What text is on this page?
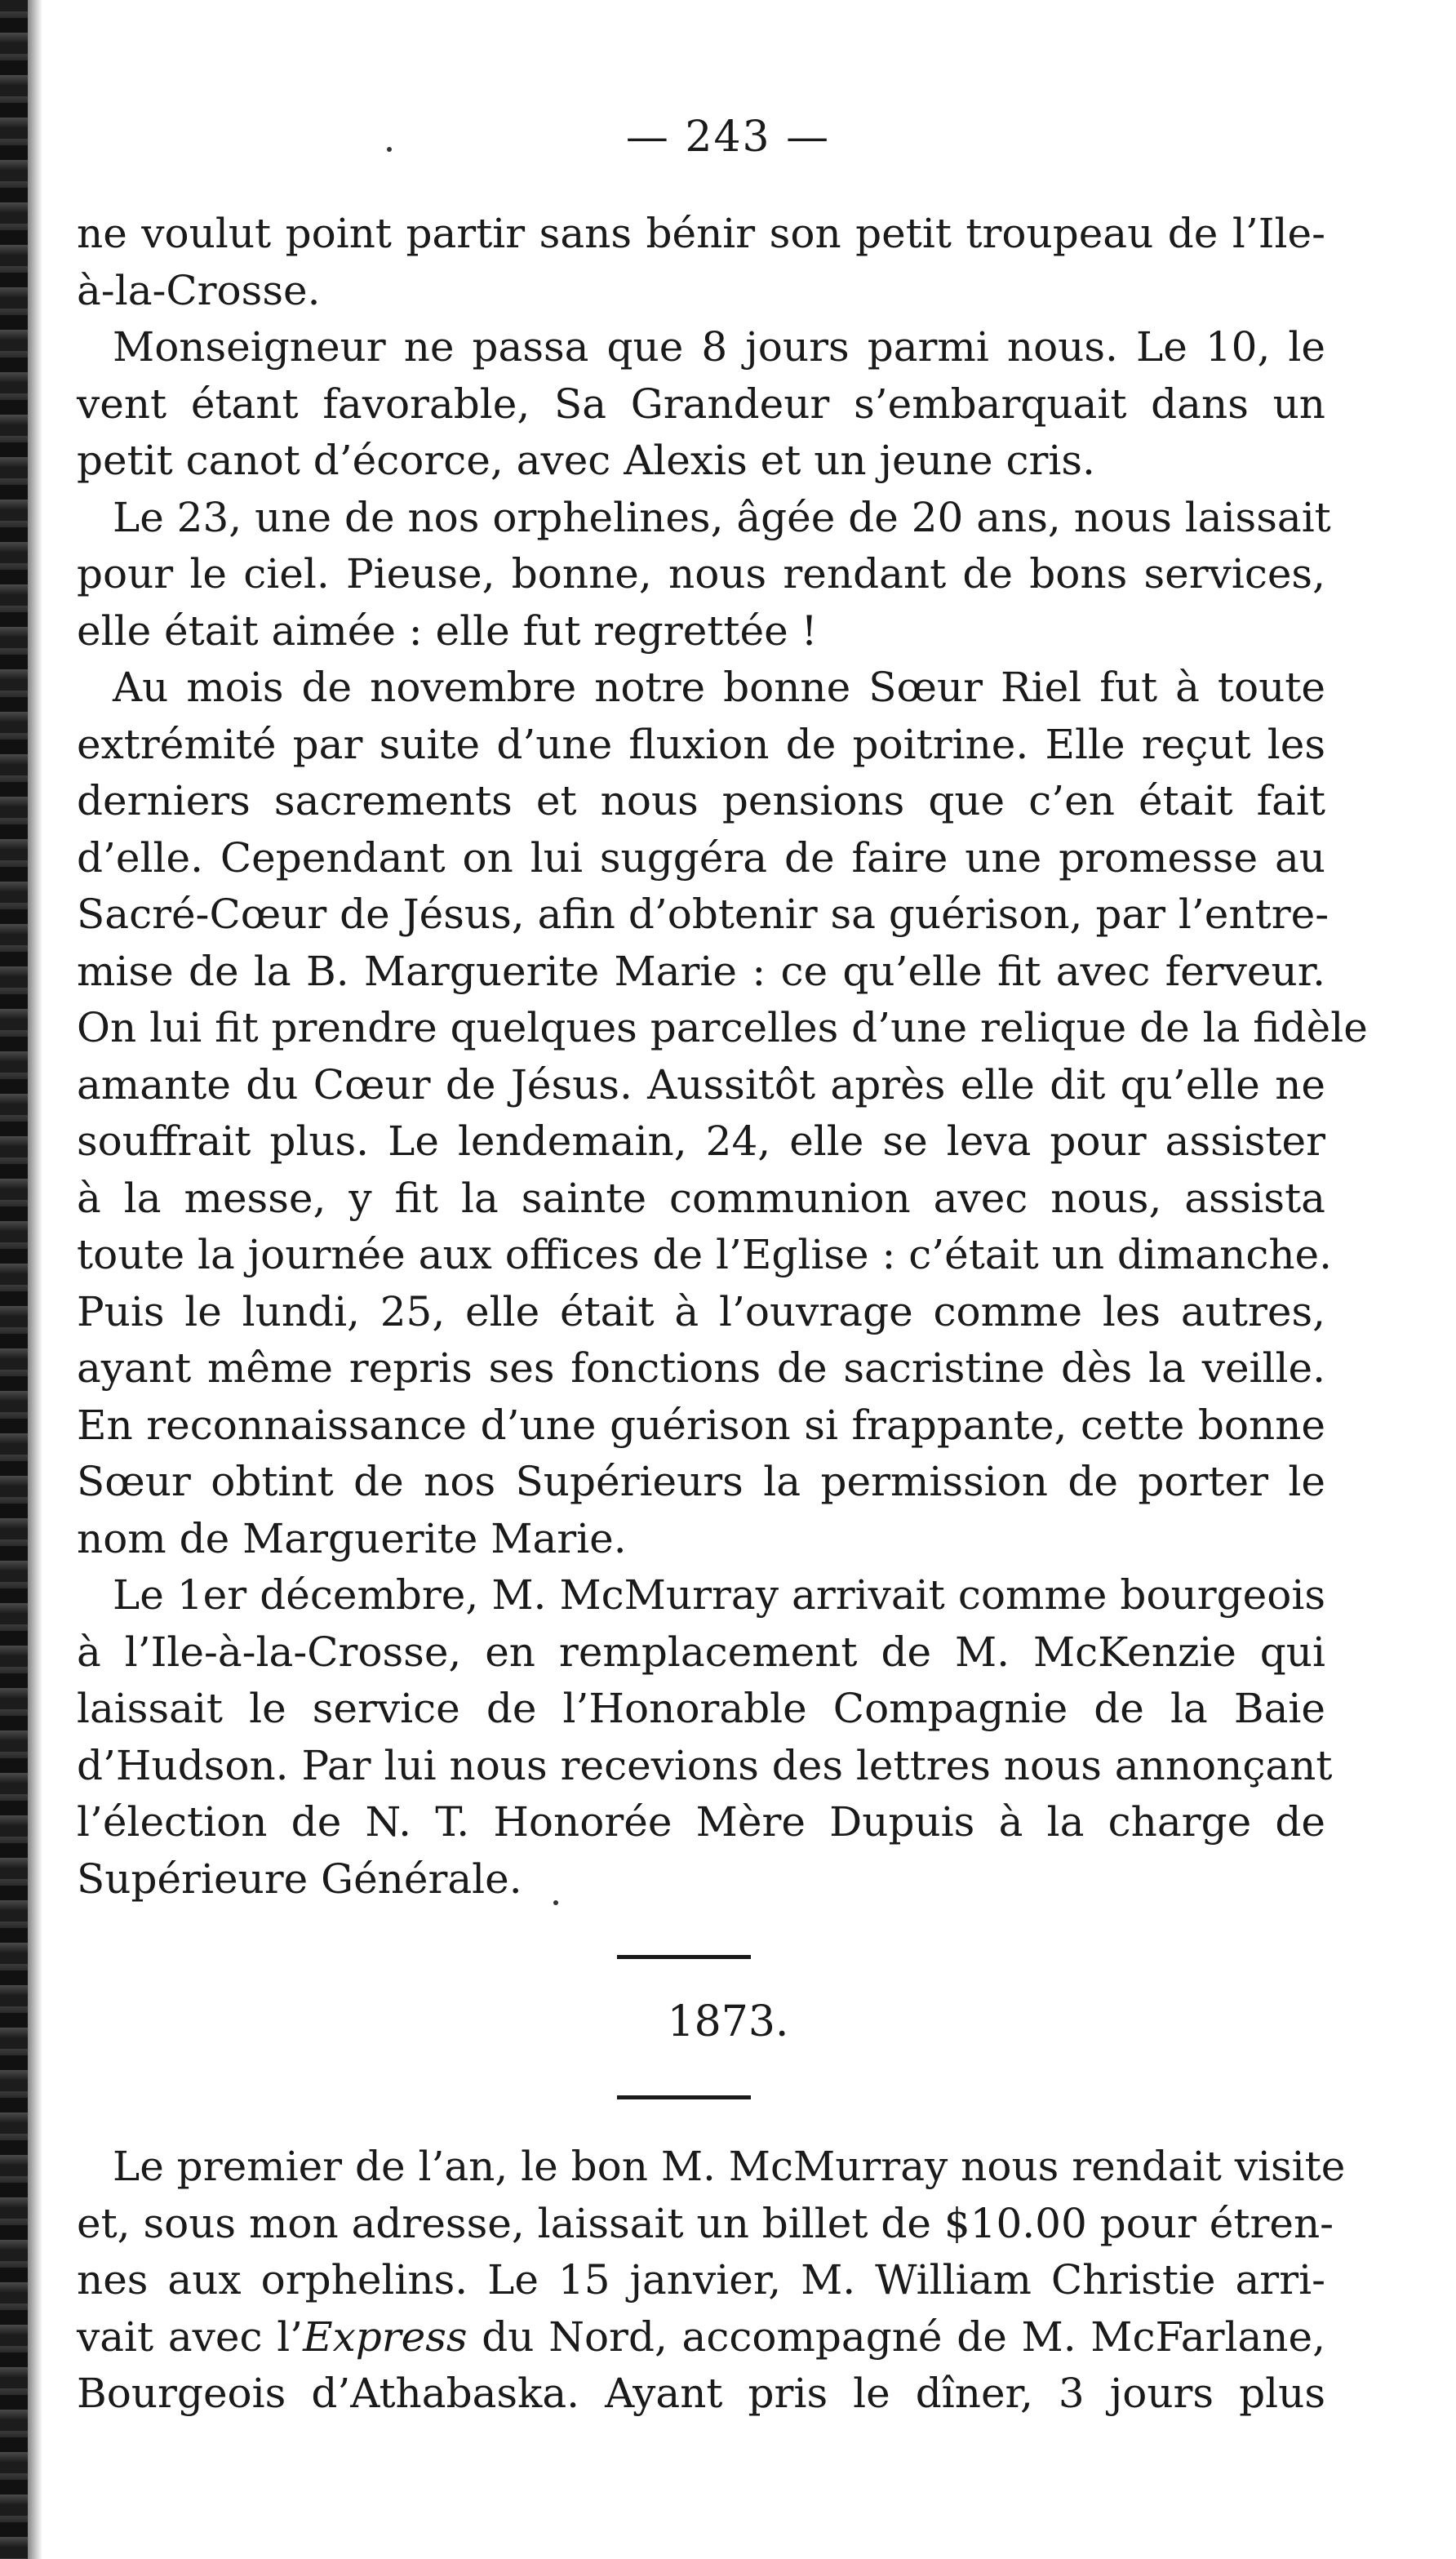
— 243 —
ne voulut point partir sans bénir son petit troupeau de l’Ile-
à-la-Crosse.
Monseigneur ne passa que 8 jours parmi nous. Le 10, le
vent étant favorable, Sa Grandeur s’embarquait dans un
petit canot d’écorce, avec Alexis et un jeune cris.
Le 23, une de nos orphelines, âgée de 20 ans, nous laissait
pour le ciel. Pieuse, bonne, nous rendant de bons services,
elle était aimée : elle fut regrettée !
Au mois de novembre notre bonne Sœur Riel fut à toute
extrémité par suite d’une fluxion de poitrine. Elle reçut les
derniers sacrements et nous pensions que c’en était fait
d’elle. Cependant on lui suggéra de faire une promesse au
Sacré-Cœur de Jésus, afin d’obtenir sa guérison, par l’entre-
mise de la B. Marguerite Marie : ce qu’elle fit avec ferveur.
On lui fit prendre quelques parcelles d’une relique de la fidèle
amante du Cœur de Jésus. Aussitôt après elle dit qu’elle ne
souffrait plus. Le lendemain, 24, elle se leva pour assister
à la messe, y fit la sainte communion avec nous, assista
toute la journée aux offices de l’Eglise : c’était un dimanche.
Puis le lundi, 25, elle était à l’ouvrage comme les autres,
ayant même repris ses fonctions de sacristine dès la veille.
En reconnaissance d’une guérison si frappante, cette bonne
Sœur obtint de nos Supérieurs la permission de porter le
nom de Marguerite Marie.
Le 1er décembre, M. McMurray arrivait comme bourgeois
à l’Ile-à-la-Crosse, en remplacement de M. McKenzie qui
laissait le service de l’Honorable Compagnie de la Baie
d’Hudson. Par lui nous recevions des lettres nous annonçant
l’élection de N. T. Honorée Mère Dupuis à la charge de
Supérieure Générale.
1873.
Le premier de l’an, le bon M. McMurray nous rendait visite
et, sous mon adresse, laissait un billet de $10.00 pour étren-
nes aux orphelins. Le 15 janvier, M. William Christie arri-
vait avec l’Express du Nord, accompagné de M. McFarlane,
Bourgeois d’Athabaska. Ayant pris le dîner, 3 jours plus
